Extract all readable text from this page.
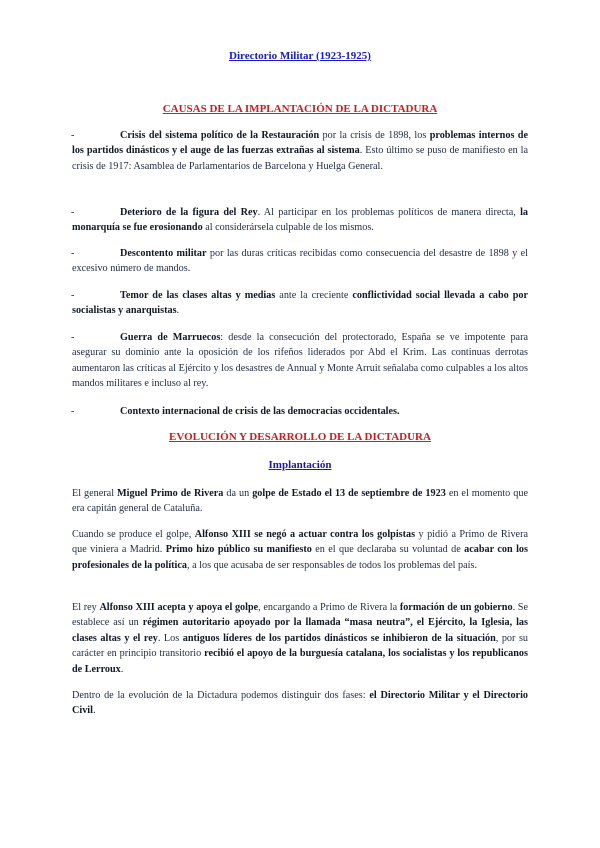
Directorio Militar (1923-1925)
CAUSAS DE LA IMPLANTACIÓN DE LA DICTADURA
-	Crisis del sistema político de la Restauración por la crisis de 1898, los problemas internos de los partidos dinásticos y el auge de las fuerzas extrañas al sistema. Esto último se puso de manifiesto en la crisis de 1917: Asamblea de Parlamentarios de Barcelona y Huelga General.
-	Deterioro de la figura del Rey. Al participar en los problemas políticos de manera directa, la monarquía se fue erosionando al considerársela culpable de los mismos.
-	Descontento militar por las duras críticas recibidas como consecuencia del desastre de 1898 y el excesivo número de mandos.
-	Temor de las clases altas y medias ante la creciente conflictividad social llevada a cabo por socialistas y anarquistas.
-	Guerra de Marruecos: desde la consecución del protectorado, España se ve impotente para asegurar su dominio ante la oposición de los rifeños liderados por Abd el Krim. Las continuas derrotas aumentaron las críticas al Ejército y los desastres de Annual y Monte Arruit señalaba como culpables a los altos mandos militares e incluso al rey.
-	Contexto internacional de crisis de las democracias occidentales.
EVOLUCIÓN Y DESARROLLO DE LA DICTADURA
Implantación
El general Miguel Primo de Rivera da un golpe de Estado el 13 de septiembre de 1923 en el momento que era capitán general de Cataluña.
Cuando se produce el golpe, Alfonso XIII se negó a actuar contra los golpistas y pidió a Primo de Rivera que viniera a Madrid. Primo hizo público su manifiesto en el que declaraba su voluntad de acabar con los profesionales de la política, a los que acusaba de ser responsables de todos los problemas del país.
El rey Alfonso XIII acepta y apoya el golpe, encargando a Primo de Rivera la formación de un gobierno. Se establece así un régimen autoritario apoyado por la llamada “masa neutra”, el Ejército, la Iglesia, las clases altas y el rey. Los antiguos líderes de los partidos dinásticos se inhibieron de la situación, por su carácter en principio transitorio recibió el apoyo de la burguesía catalana, los socialistas y los republicanos de Lerroux.
Dentro de la evolución de la Dictadura podemos distinguir dos fases: el Directorio Militar y el Directorio Civil.
